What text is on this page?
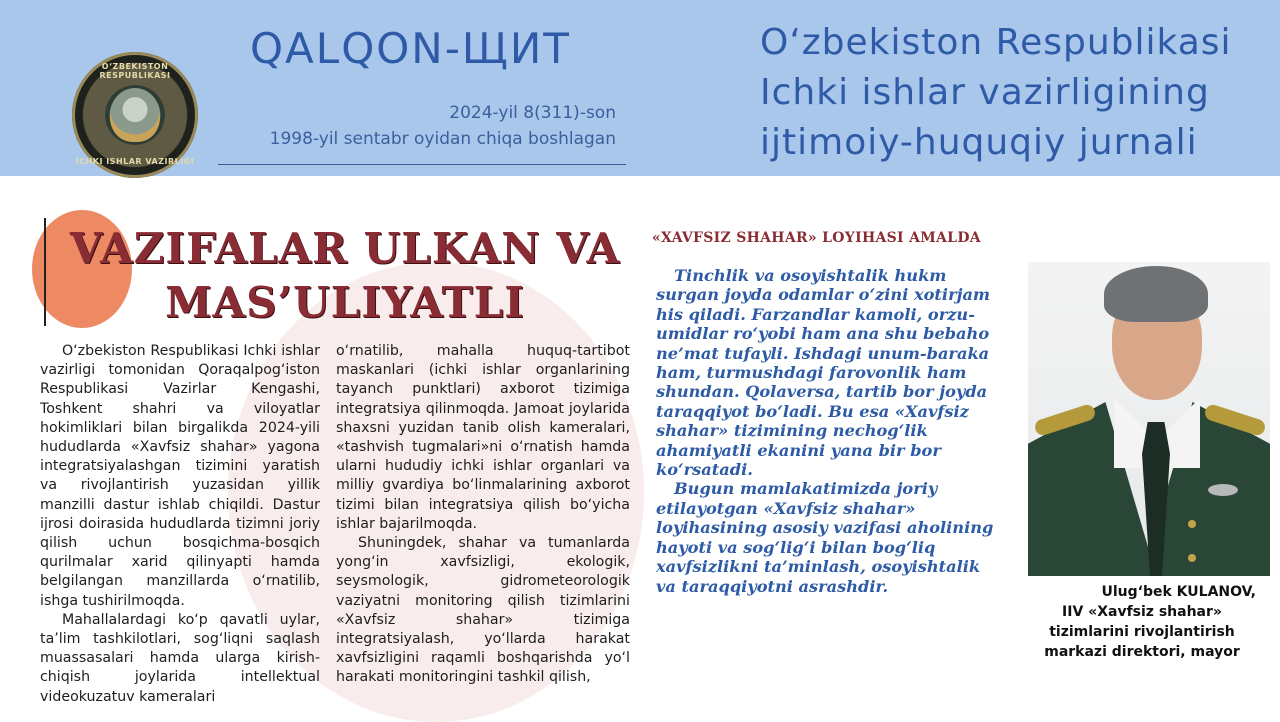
O‘ZBEKISTON RESPUBLIKASI
ICHKI ISHLAR VAZIRLIGI
QALQON-ЩИТ
2024-yil 8(311)-son
1998-yil sentabr oyidan chiqa boshlagan
O‘zbekiston Respublikasi
Ichki ishlar vazirligining
ijtimoiy-huquqiy jurnali
VAZIFALAR ULKAN VA
MAS’ULIYATLI

O‘zbekiston Respublikasi Ichki ishlar vazirligi tomonidan Qoraqalpog‘iston Respublikasi Vazirlar Kengashi, Toshkent shahri va viloyatlar hokimliklari bilan birgalikda 2024-yili hududlarda «Xavfsiz shahar» yagona integratsiyalashgan tizimini yaratish va rivojlantirish yuzasidan yillik manzilli dastur ishlab chiqildi. Dastur ijrosi doirasida hududlarda tizimni joriy qilish uchun bosqichma-bosqich qurilmalar xarid qilinyapti hamda belgilangan manzillarda o‘rnatilib, ishga tushirilmoqda.

Mahallalardagi ko‘p qavatli uylar, ta’lim tashkilotlari, sog‘liqni saqlash muassasalari hamda ularga kirish-chiqish joylarida intellektual videokuzatuv kameralari

o‘rnatilib, mahalla huquq-tartibot maskanlari (ichki ishlar organlarining tayanch punktlari) axborot tizimiga integratsiya qilinmoqda. Jamoat joylarida shaxsni yuzidan tanib olish kameralari, «tashvish tugmalari»ni o‘rnatish hamda ularni hududiy ichki ishlar organlari va milliy gvardiya bo‘linmalarining axborot tizimi bilan integratsiya qilish bo‘yicha ishlar bajarilmoqda.

Shuningdek, shahar va tumanlarda yong‘in xavfsizligi, ekologik, seysmologik, gidrometeorologik vaziyatni monitoring qilish tizimlarini «Xavfsiz shahar» tizimiga integratsiyalash, yo‘llarda harakat xavfsizligini raqamli boshqarishda yo‘l harakati monitoringini tashkil qilish,

«XAVFSIZ SHAHAR» LOYIHASI AMALDA

Tinchlik va osoyishtalik hukm surgan joyda odamlar o‘zini xotirjam his qiladi. Farzandlar kamoli, orzu-umidlar ro‘yobi ham ana shu bebaho ne’mat tufayli. Ishdagi unum-baraka ham, turmushdagi farovonlik ham shundan. Qolaversa, tartib bor joyda taraqqiyot bo‘ladi. Bu esa «Xavfsiz shahar» tizimining nechog‘lik ahamiyatli ekanini yana bir bor ko‘rsatadi.

Bugun mamlakatimizda joriy etilayotgan «Xavfsiz shahar» loyihasining asosiy vazifasi aholining hayoti va sog‘lig‘i bilan bog‘liq xavfsizlikni ta’minlash, osoyishtalik va taraqqiyotni asrashdir.	Ulug‘bek KULANOV,
IIV «Xavfsiz shahar»
tizimlarini rivojlantirish
markazi direktori, mayor
